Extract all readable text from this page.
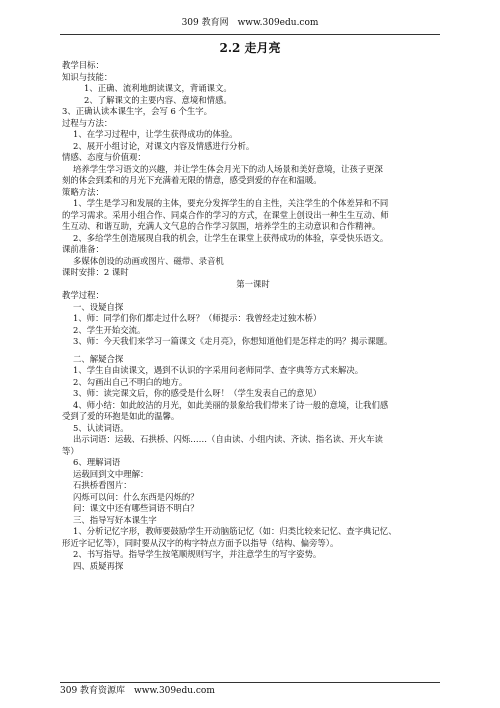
309 教育网　www.309edu.com
2.2 走月亮
教学目标：
知识与技能：
1、正确、流利地朗读课文，背诵课文。
2、了解课文的主要内容、意境和情感。
3、正确认读本课生字，会写 6 个生字。
过程与方法：
1、在学习过程中，让学生获得成功的体验。
2、展开小组讨论，对课文内容及情感进行分析。
情感、态度与价值观：
培养学生学习语文的兴趣，并让学生体会月光下的动人场景和美好意境，让孩子更深
刻的体会到柔和的月光下充满着无限的情意，感受到爱的存在和温暖。
策略方法：
1、学生是学习和发展的主体，要充分发挥学生的自主性，关注学生的个体差异和不同
的学习需求。采用小组合作、同桌合作的学习的方式，在课堂上创设出一种生生互动、师
生互动、和谐互助，充满人文气息的合作学习氛围，培养学生的主动意识和合作精神。
2、多给学生创造展现自我的机会，让学生在课堂上获得成功的体验，享受快乐语文。
课前准备：
多媒体创设的动画或图片、磁带、录音机
课时安排：2 课时
第一课时
教学过程：
一、设疑自探
1、师：同学们你们都走过什么呀？（师提示：我曾经走过独木桥）
2、学生开始交流。
3、师：今天我们来学习一篇课文《走月亮》，你想知道他们是怎样走的吗？揭示课题。
二、解疑合探
1、学生自由读课文，遇到不认识的字采用问老师同学、查字典等方式来解决。
2、勾画出自己不明白的地方。
3、师：读完课文后，你的感受是什么呀！（学生发表自己的意见）
4、师小结：如此皎洁的月光，如此美丽的景象给我们带来了诗一般的意境，让我们感
受到了爱的环抱是如此的温馨。
5、认读词语。
出示词语：运载、石拱桥、闪烁……（自由读、小组内读、齐读、指名读、开火车读
等）
6、理解词语
运载回到文中理解：
石拱桥看图片：
闪烁可以问：什么东西是闪烁的？
问：课文中还有哪些词语不明白？
三、指导写好本课生字
1、分析记忆字形，教师要鼓励学生开动脑筋记忆（如：归类比较来记忆、查字典记忆、
形近字记忆等），同时要从汉字的构字特点方面予以指导（结构、偏旁等）。
2、书写指导。指导学生按笔顺规则写字，并注意学生的写字姿势。
四、质疑再探
309 教育资源库　www.309edu.com
